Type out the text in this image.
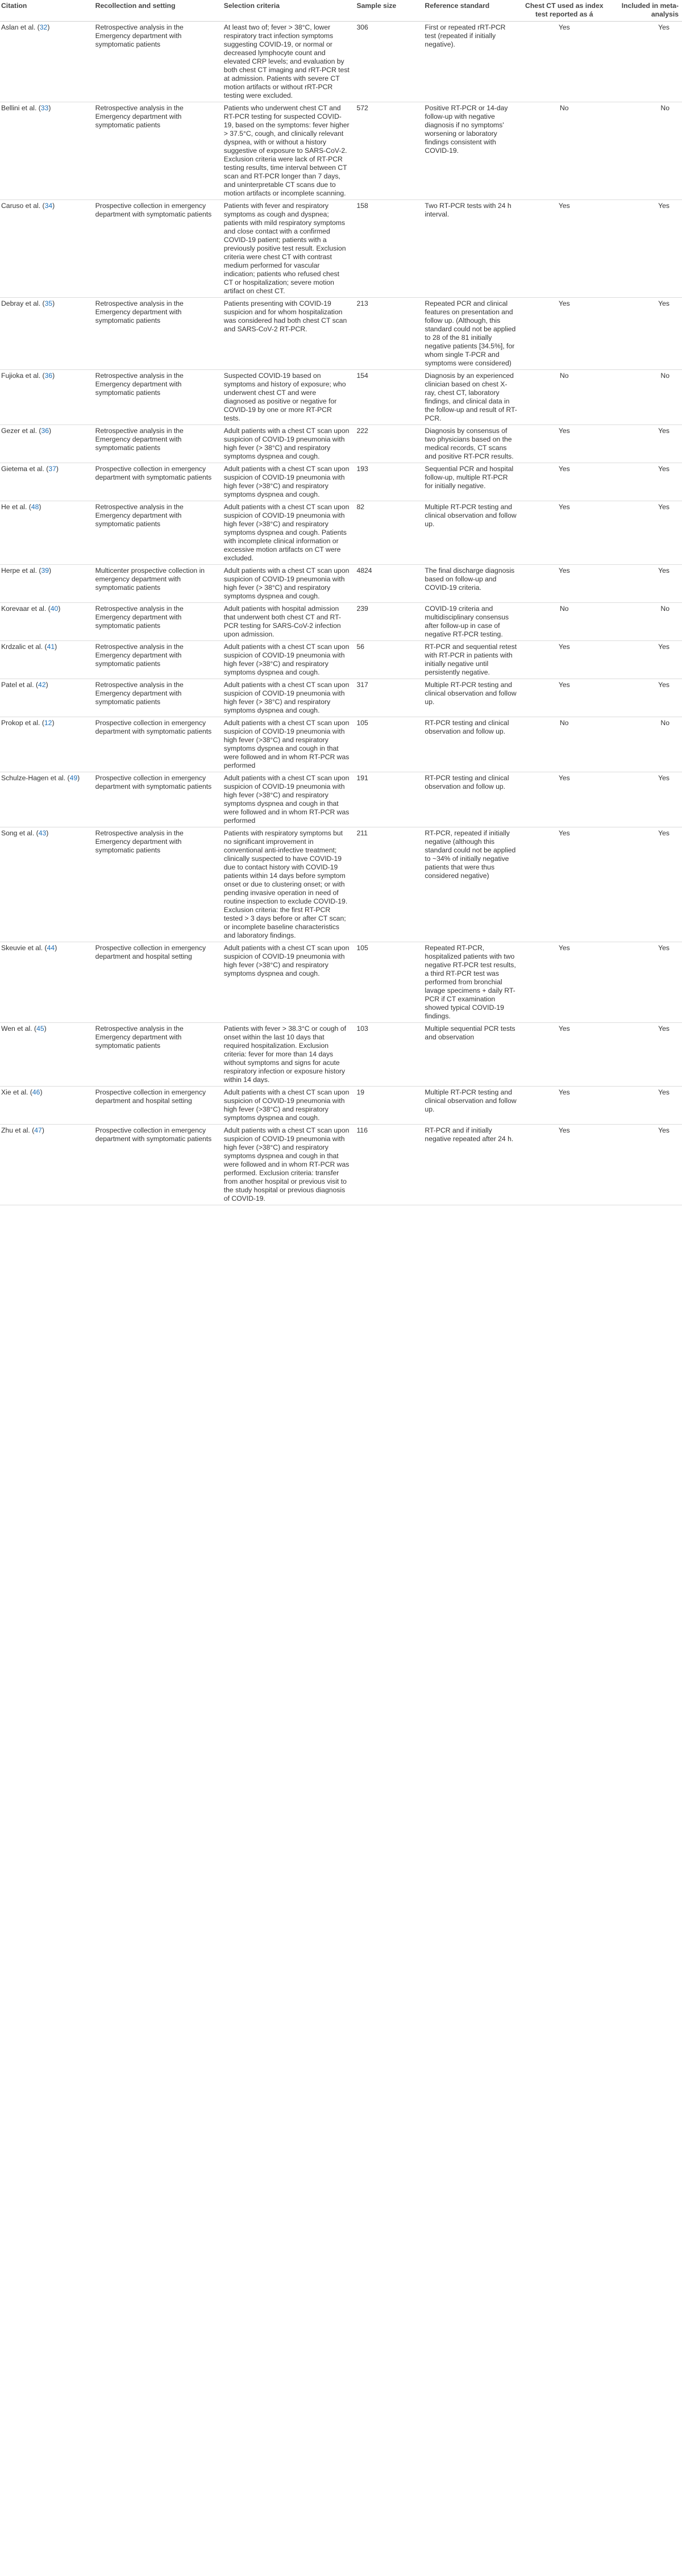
Citation	Recollection and setting	Selection criteria	Sample size	Reference standard	Chest CT used as index test reported as á	Included in meta-analysis
Aslan et al. (32)	Retrospective analysis in the Emergency department with symptomatic patients	At least two of; fever > 38°C, lower respiratory tract infection symptoms suggesting COVID-19, or normal or decreased lymphocyte count and elevated CRP levels; and evaluation by both chest CT imaging and rRT-PCR test at admission. Patients with severe CT motion artifacts or without rRT-PCR testing were excluded.	306	First or repeated rRT-PCR test (repeated if initially negative).	Yes	Yes
Bellini et al. (33)	Retrospective analysis in the Emergency department with symptomatic patients	Patients who underwent chest CT and RT-PCR testing for suspected COVID-19, based on the symptoms: fever higher > 37.5°C, cough, and clinically relevant dyspnea, with or without a history suggestive of exposure to SARS-CoV-2. Exclusion criteria were lack of RT-PCR testing results, time interval between CT scan and RT-PCR longer than 7 days, and uninterpretable CT scans due to motion artifacts or incomplete scanning.	572	Positive RT-PCR or 14-day follow-up with negative diagnosis if no symptoms' worsening or laboratory findings consistent with COVID-19.	No	No
Caruso et al. (34)	Prospective collection in emergency department with symptomatic patients	Patients with fever and respiratory symptoms as cough and dyspnea; patients with mild respiratory symptoms and close contact with a confirmed COVID-19 patient; patients with a previously positive test result. Exclusion criteria were chest CT with contrast medium performed for vascular indication; patients who refused chest CT or hospitalization; severe motion artifact on chest CT.	158	Two RT-PCR tests with 24 h interval.	Yes	Yes
Debray et al. (35)	Retrospective analysis in the Emergency department with symptomatic patients	Patients presenting with COVID-19 suspicion and for whom hospitalization was considered had both chest CT scan and SARS-CoV-2 RT-PCR.	213	Repeated PCR and clinical features on presentation and follow up. (Although, this standard could not be applied to 28 of the 81 initially negative patients [34.5%], for whom single T-PCR and symptoms were considered)	Yes	Yes
Fujioka et al. (36)	Retrospective analysis in the Emergency department with symptomatic patients	Suspected COVID-19 based on symptoms and history of exposure; who underwent chest CT and were diagnosed as positive or negative for COVID-19 by one or more RT-PCR tests.	154	Diagnosis by an experienced clinician based on chest X-ray, chest CT, laboratory findings, and clinical data in the follow-up and result of RT-PCR.	No	No
Gezer et al. (36)	Retrospective analysis in the Emergency department with symptomatic patients	Adult patients with a chest CT scan upon suspicion of COVID-19 pneumonia with high fever (> 38°C) and respiratory symptoms dyspnea and cough.	222	Diagnosis by consensus of two physicians based on the medical records, CT scans and positive RT-PCR results.	Yes	Yes
Gietema et al. (37)	Prospective collection in emergency department with symptomatic patients	Adult patients with a chest CT scan upon suspicion of COVID-19 pneumonia with high fever (>38°C) and respiratory symptoms dyspnea and cough.	193	Sequential PCR and hospital follow-up, multiple RT-PCR for initially negative.	Yes	Yes
He et al. (48)	Retrospective analysis in the Emergency department with symptomatic patients	Adult patients with a chest CT scan upon suspicion of COVID-19 pneumonia with high fever (>38°C) and respiratory symptoms dyspnea and cough. Patients with incomplete clinical information or excessive motion artifacts on CT were excluded.	82	Multiple RT-PCR testing and clinical observation and follow up.	Yes	Yes
Herpe et al. (39)	Multicenter prospective collection in emergency department with symptomatic patients	Adult patients with a chest CT scan upon suspicion of COVID-19 pneumonia with high fever (> 38°C) and respiratory symptoms dyspnea and cough.	4824	The final discharge diagnosis based on follow-up and COVID-19 criteria.	Yes	Yes
Korevaar et al. (40)	Retrospective analysis in the Emergency department with symptomatic patients	Adult patients with hospital admission that underwent both chest CT and RT-PCR testing for SARS-CoV-2 infection upon admission.	239	COVID-19 criteria and multidisciplinary consensus after follow-up in case of negative RT-PCR testing.	No	No
Krdzalic et al. (41)	Retrospective analysis in the Emergency department with symptomatic patients	Adult patients with a chest CT scan upon suspicion of COVID-19 pneumonia with high fever (>38°C) and respiratory symptoms dyspnea and cough.	56	RT-PCR and sequential retest with RT-PCR in patients with initially negative until persistently negative.	Yes	Yes
Patel et al. (42)	Retrospective analysis in the Emergency department with symptomatic patients	Adult patients with a chest CT scan upon suspicion of COVID-19 pneumonia with high fever (> 38°C) and respiratory symptoms dyspnea and cough.	317	Multiple RT-PCR testing and clinical observation and follow up.	Yes	Yes
Prokop et al. (12)	Prospective collection in emergency department with symptomatic patients	Adult patients with a chest CT scan upon suspicion of COVID-19 pneumonia with high fever (>38°C) and respiratory symptoms dyspnea and cough in that were followed and in whom RT-PCR was performed	105	RT-PCR testing and clinical observation and follow up.	No	No
Schulze-Hagen et al. (49)	Prospective collection in emergency department with symptomatic patients	Adult patients with a chest CT scan upon suspicion of COVID-19 pneumonia with high fever (>38°C) and respiratory symptoms dyspnea and cough in that were followed and in whom RT-PCR was performed	191	RT-PCR testing and clinical observation and follow up.	Yes	Yes
Song et al. (43)	Retrospective analysis in the Emergency department with symptomatic patients	Patients with respiratory symptoms but no significant improvement in conventional anti-infective treatment; clinically suspected to have COVID-19 due to contact history with COVID-19 patients within 14 days before symptom onset or due to clustering onset; or with pending invasive operation in need of routine inspection to exclude COVID-19. Exclusion criteria: the first RT-PCR tested > 3 days before or after CT scan; or incomplete baseline characteristics and laboratory findings.	211	RT-PCR, repeated if initially negative (although this standard could not be applied to ~34% of initially negative patients that were thus considered negative)	Yes	Yes
Skeuvie et al. (44)	Prospective collection in emergency department and hospital setting	Adult patients with a chest CT scan upon suspicion of COVID-19 pneumonia with high fever (>38°C) and respiratory symptoms dyspnea and cough.	105	Repeated RT-PCR, hospitalized patients with two negative RT-PCR test results, a third RT-PCR test was performed from bronchial lavage specimens + daily RT-PCR if CT examination showed typical COVID-19 findings.	Yes	Yes
Wen et al. (45)	Retrospective analysis in the Emergency department with symptomatic patients	Patients with fever > 38.3°C or cough of onset within the last 10 days that required hospitalization. Exclusion criteria: fever for more than 14 days without symptoms and signs for acute respiratory infection or exposure history within 14 days.	103	Multiple sequential PCR tests and observation	Yes	Yes
Xie et al. (46)	Prospective collection in emergency department and hospital setting	Adult patients with a chest CT scan upon suspicion of COVID-19 pneumonia with high fever (>38°C) and respiratory symptoms dyspnea and cough.	19	Multiple RT-PCR testing and clinical observation and follow up.	Yes	Yes
Zhu et al. (47)	Prospective collection in emergency department with symptomatic patients	Adult patients with a chest CT scan upon suspicion of COVID-19 pneumonia with high fever (>38°C) and respiratory symptoms dyspnea and cough in that were followed and in whom RT-PCR was performed. Exclusion criteria: transfer from another hospital or previous visit to the study hospital or previous diagnosis of COVID-19.	116	RT-PCR and if initially negative repeated after 24 h.	Yes	Yes
